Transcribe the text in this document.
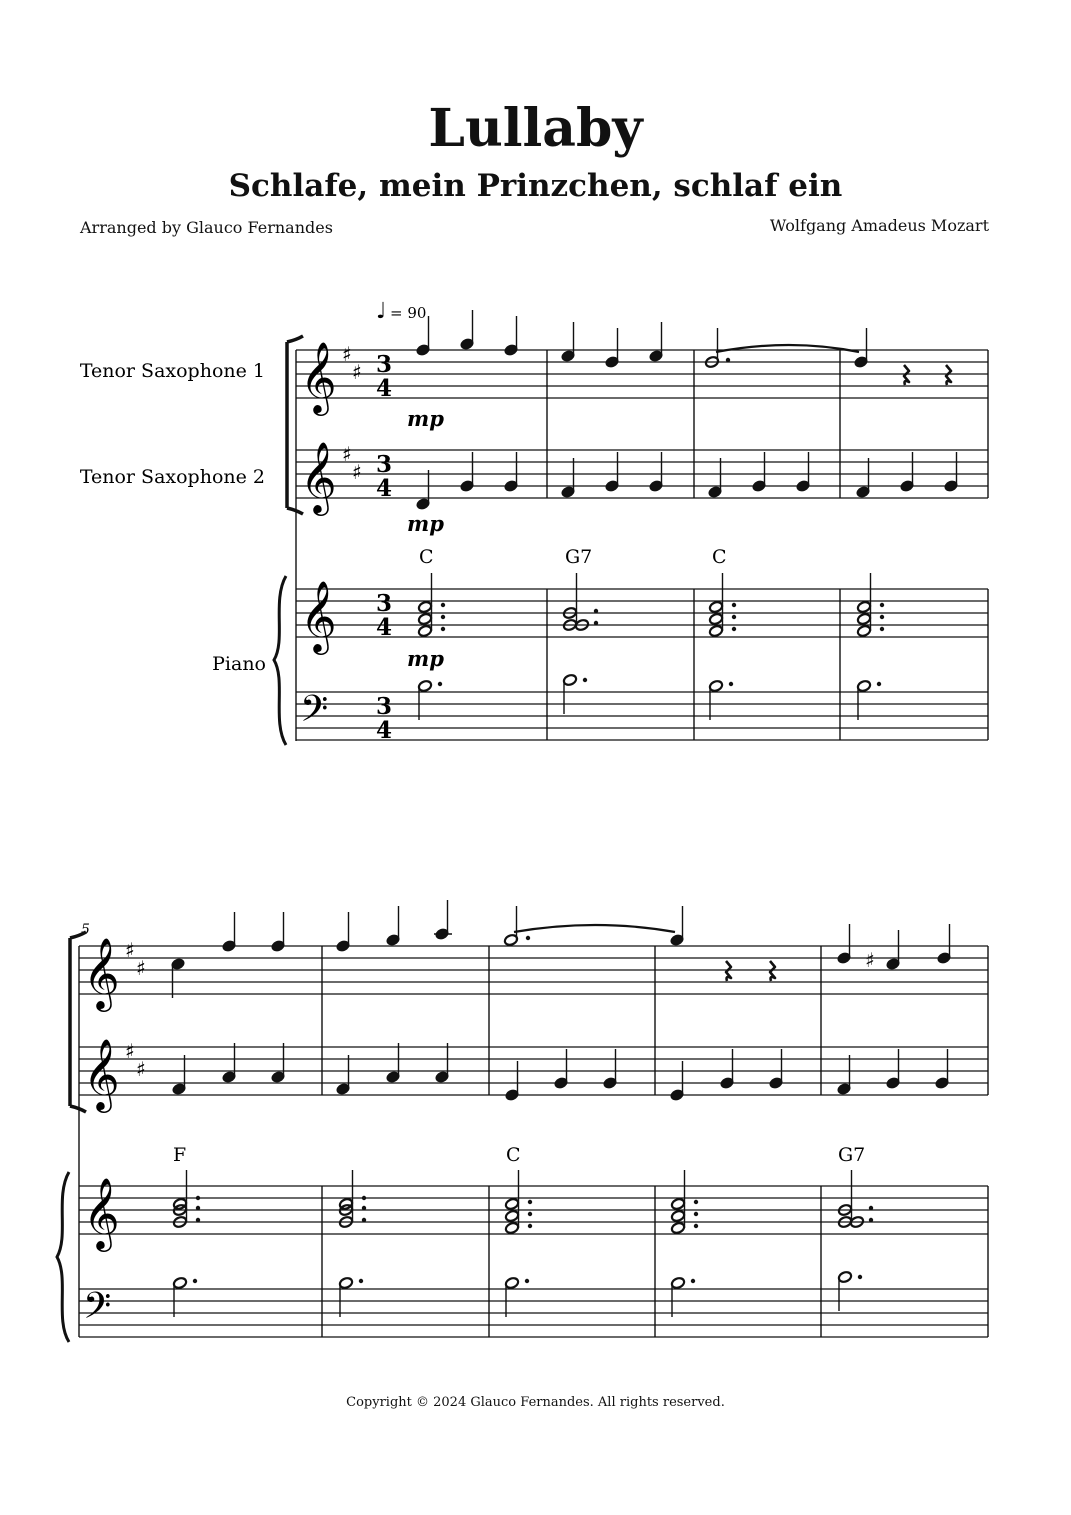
Lullaby
Schlafe, mein Prinzchen, schlaf ein
Arranged by Glauco Fernandes	Wolfgang Amadeus Mozart
Copyright © 2024 Glauco Fernandes. All rights reserved.
♩ = 90
Tenor Saxophone 1
Tenor Saxophone 2
Piano
𝄞
𝄞
𝄞
𝄢
♯
♯
♯
♯
3
4
3
4
3
4
3
4
mp
mp
mp
C	G7	C
5
𝄞
𝄞
𝄞
𝄢
♯
♯
♯
♯
F	C	G7
♯
